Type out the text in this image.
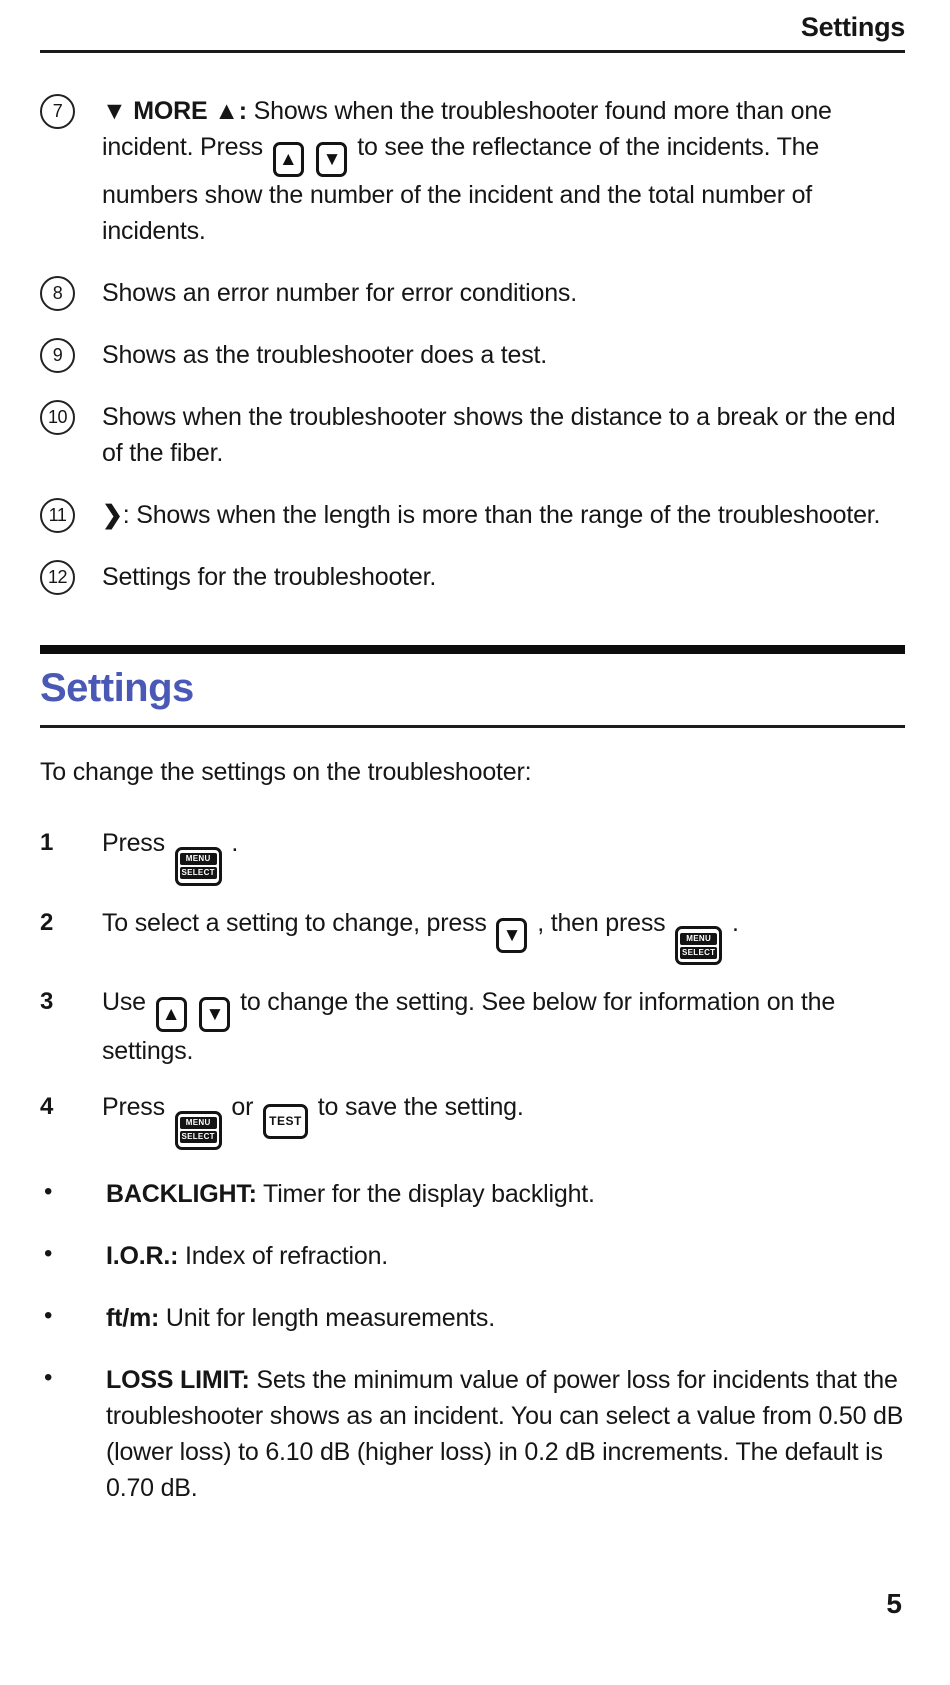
Settings
7	▼ MORE ▲: Shows when the troubleshooter found more than one incident. Press ▲
▼ to see the reflectance of the incidents. The numbers show the number of the incident and the total number of incidents.
8	Shows an error number for error conditions.
9	Shows as the troubleshooter does a test.
10	Shows when the troubleshooter shows the distance to a break or the end of the fiber.
11	❯: Shows when the length is more than the range of the troubleshooter.
12	Settings for the troubleshooter.
Settings
To change the settings on the troubleshooter:
1	Press
MENU
SELECT
.
2	To select a setting to change, press ▼ , then press
MENU
SELECT
.
3	Use ▲
▼ to change the setting. See below for information on the settings.
4	Press
MENU
SELECT
or TEST to save the setting.
•	BACKLIGHT: Timer for the display backlight.
•	I.O.R.: Index of refraction.
•	ft/m: Unit for length measurements.
•	LOSS LIMIT: Sets the minimum value of power loss for incidents that the troubleshooter shows as an incident. You can select a value from 0.50 dB (lower loss) to 6.10 dB (higher loss) in 0.2 dB increments. The default is 0.70 dB.
5
